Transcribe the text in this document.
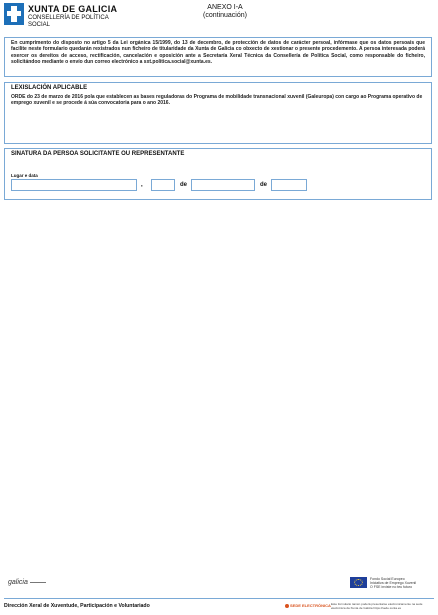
XUNTA DE GALICIA
CONSELLERÍA DE POLÍTICA
SOCIAL
ANEXO I-A
(continuación)
En cumprimento do disposto no artigo 5 da Lei orgánica 15/1999, do 13 de decembro, de protección de datos de carácter persoal, infórmase que os datos persoais que facilite neste formulario quedarán rexistrados nun ficheiro de titularidade da Xunta de Galicia co obxecto de xestionar o presente procedemento. A persoa interesada poderá exercer os dereitos de acceso, rectificación, cancelación e oposición ante a Secretaría Xeral Técnica da Consellería de Política Social, como responsable do ficheiro, solicitándoo mediante o envío dun correo electrónico a sxt.politica.social@xunta.es.
LEXISLACIÓN APLICABLE
ORDE do 23 de marzo de 2016 pola que establecen as bases reguladoras do Programa de mobilidade transnacional xuvenil (Galeuropa) con cargo ao Programa operativo de emprego xuvenil e se procede á súa convocatoria para o ano 2016.
SINATURA DA PERSOA SOLICITANTE OU REPRESENTANTE
Lugar e data
,	de	de
galicia	Fondo Social Europeo
Iniciativa de Emprego Xuvenil
O FSE inviste no teu futuro
Dirección Xeral de Xuventude, Participación e Voluntariado	SEDE ELECTRÓNICA Este formulario tamén poderá presentarse electronicamente na sede electrónica da Xunta de Galicia https://sede.xunta.es
